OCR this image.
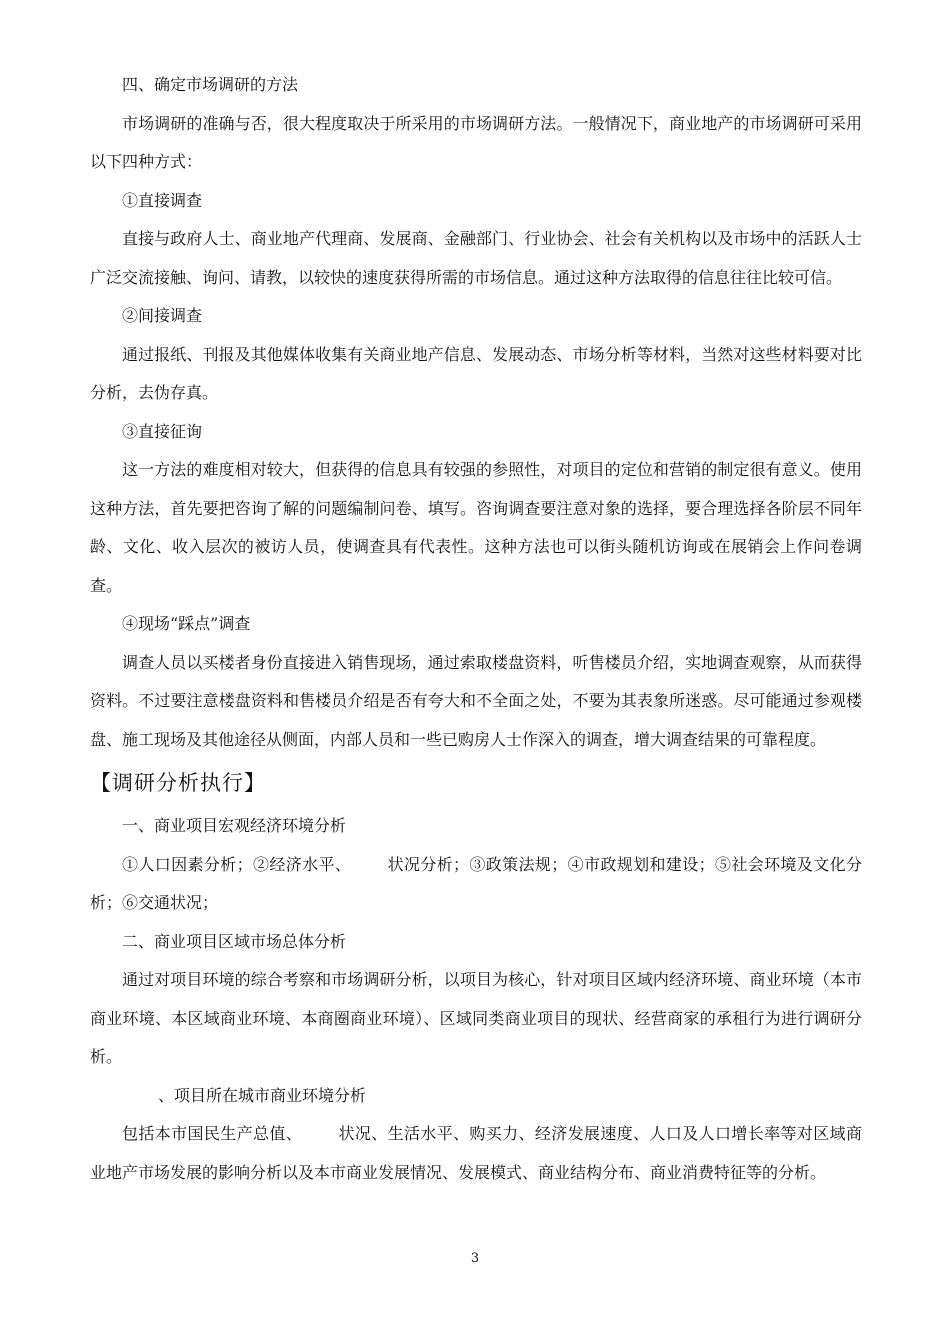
四、确定市场调研的方法

市场调研的准确与否，很大程度取决于所采用的市场调研方法。一般情况下，商业地产的市场调研可采用以下四种方式：

①直接调查

直接与政府人士、商业地产代理商、发展商、金融部门、行业协会、社会有关机构以及市场中的活跃人士广泛交流接触、询问、请教，以较快的速度获得所需的市场信息。通过这种方法取得的信息往往比较可信。

②间接调查

通过报纸、刊报及其他媒体收集有关商业地产信息、发展动态、市场分析等材料，当然对这些材料要对比分析，去伪存真。

③直接征询

这一方法的难度相对较大，但获得的信息具有较强的参照性，对项目的定位和营销的制定很有意义。使用这种方法，首先要把咨询了解的问题编制问卷、填写。咨询调查要注意对象的选择，要合理选择各阶层不同年龄、文化、收入层次的被访人员，使调查具有代表性。这种方法也可以街头随机访询或在展销会上作问卷调查。

④现场“踩点”调查

调查人员以买楼者身份直接进入销售现场，通过索取楼盘资料，听售楼员介绍，实地调查观察，从而获得资料。不过要注意楼盘资料和售楼员介绍是否有夸大和不全面之处，不要为其表象所迷惑。尽可能通过参观楼盘、施工现场及其他途径从侧面，内部人员和一些已购房人士作深入的调查，增大调查结果的可靠程度。

【调研分析执行】

一、商业项目宏观经济环境分析

①人口因素分析；②经济水平、 状况分析；③政策法规；④市政规划和建设；⑤社会环境及文化分析；⑥交通状况；

二、商业项目区域市场总体分析

通过对项目环境的综合考察和市场调研分析，以项目为核心，针对项目区域内经济环境、商业环境（本市商业环境、本区域商业环境、本商圈商业环境）、区域同类商业项目的现状、经营商家的承租行为进行调研分析。

、项目所在城市商业环境分析

包括本市国民生产总值、 状况、生活水平、购买力、经济发展速度、人口及人口增长率等对区域商业地产市场发展的影响分析以及本市商业发展情况、发展模式、商业结构分布、商业消费特征等的分析。

3
